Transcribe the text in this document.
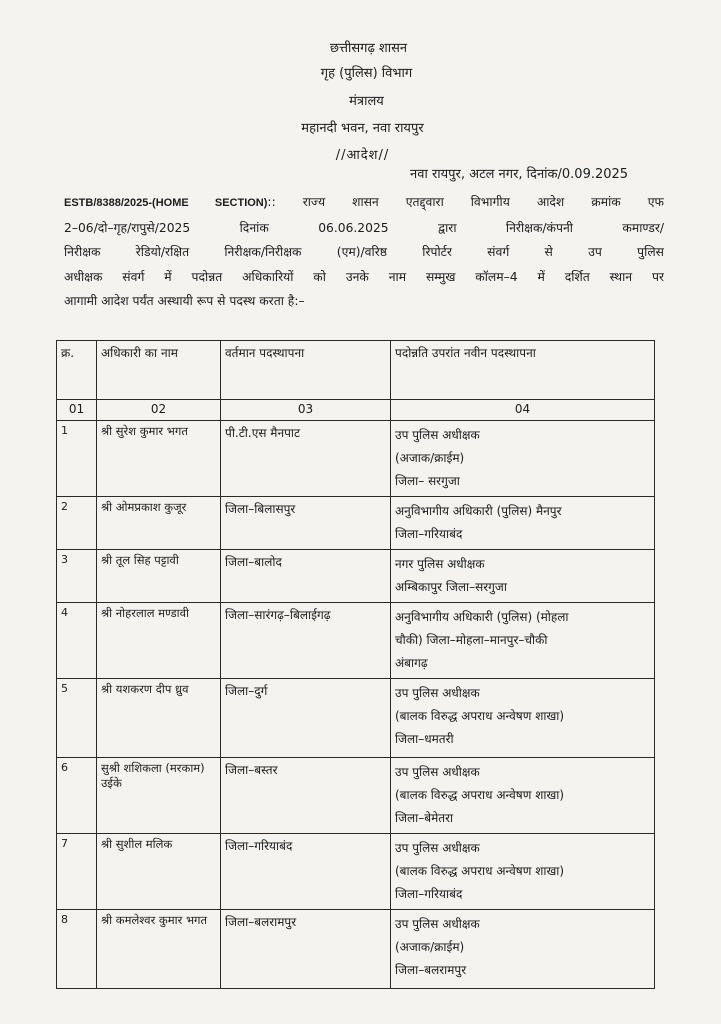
छत्तीसगढ़ शासन
गृह (पुलिस) विभाग
मंत्रालय
महानदी भवन, नवा रायपुर
//आदेश//
नवा रायपुर, अटल नगर, दिनांक/0.09.2025
ESTB/8388/2025-(HOME SECTION):: राज्य शासन एतद्द्वारा विभागीय आदेश क्रमांक एफ
2–06/दो–गृह/रापुसे/2025 दिनांक 06.06.2025 द्वारा निरीक्षक/कंपनी कमाण्डर/
निरीक्षक रेडियो/रक्षित निरीक्षक/निरीक्षक (एम)/वरिष्ठ रिपोर्टर संवर्ग से उप पुलिस
अधीक्षक संवर्ग में पदोन्नत अधिकारियों को उनके नाम सम्मुख कॉलम–4 में दर्शित स्थान पर
आगामी आदेश पर्यंत अस्थायी रूप से पदस्थ करता है:–
क्र.	अधिकारी का नाम	वर्तमान पदस्थापना	पदोन्नति उपरांत नवीन पदस्थापना
01	02	03	04
1	श्री सुरेश कुमार भगत	पी.टी.एस मैनपाट	उप पुलिस अधीक्षक
(अजाक/क्राईम)
जिला– सरगुजा

2	श्री ओमप्रकाश कुजूर	जिला–बिलासपुर	अनुविभागीय अधिकारी (पुलिस) मैनपुर
जिला–गरियाबंद

3	श्री तूल सिह पट्टावी	जिला–बालोद	नगर पुलिस अधीक्षक
अम्बिकापुर जिला–सरगुजा

4	श्री नोहरलाल मण्डावी	जिला–सारंगढ़–बिलाईगढ़	अनुविभागीय अधिकारी (पुलिस) (मोहला
चौकी) जिला–मोहला–मानपुर–चौकी
अंबागढ़

5	श्री यशकरण दीप ध्रुव	जिला–दुर्ग	उप पुलिस अधीक्षक
(बालक विरुद्ध अपराध अन्वेषण शाखा)
जिला–धमतरी

6	सुश्री शशिकला (मरकाम) उईके	जिला–बस्तर	उप पुलिस अधीक्षक
(बालक विरुद्ध अपराध अन्वेषण शाखा)
जिला–बेमेतरा

7	श्री सुशील मलिक	जिला–गरियाबंद	उप पुलिस अधीक्षक
(बालक विरुद्ध अपराध अन्वेषण शाखा)
जिला–गरियाबंद

8	श्री कमलेश्वर कुमार भगत	जिला–बलरामपुर	उप पुलिस अधीक्षक
(अजाक/क्राईम)
जिला–बलरामपुर
